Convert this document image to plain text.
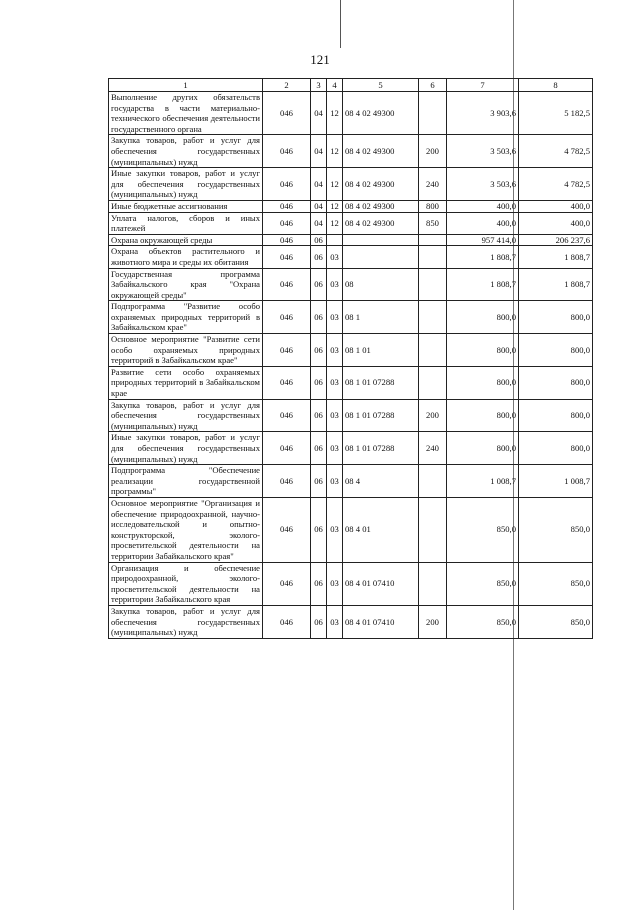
121
1	2	3	4	5	6	7	8
Выполнение других обязательств государства в части материально-технического обеспечения деятельности государственного органа	046	04	12	08 4 02 49300		3 903,6	5 182,5
Закупка товаров, работ и услуг для обеспечения государственных (муниципальных) нужд	046	04	12	08 4 02 49300	200	3 503,6	4 782,5
Иные закупки товаров, работ и услуг для обеспечения государственных (муниципальных) нужд	046	04	12	08 4 02 49300	240	3 503,6	4 782,5
Иные бюджетные ассигнования	046	04	12	08 4 02 49300	800	400,0	400,0
Уплата налогов, сборов и иных платежей	046	04	12	08 4 02 49300	850	400,0	400,0
Охрана окружающей среды	046	06				957 414,0	206 237,6
Охрана объектов растительного и животного мира и среды их обитания	046	06	03			1 808,7	1 808,7
Государственная программа Забайкальского края "Охрана окружающей среды"	046	06	03	08		1 808,7	1 808,7
Подпрограмма "Развитие особо охраняемых природных территорий в Забайкальском крае"	046	06	03	08 1		800,0	800,0
Основное мероприятие "Развитие сети особо охраняемых природных территорий в Забайкальском крае"	046	06	03	08 1 01		800,0	800,0
Развитие сети особо охраняемых природных территорий в Забайкальском крае	046	06	03	08 1 01 07288		800,0	800,0
Закупка товаров, работ и услуг для обеспечения государственных (муниципальных) нужд	046	06	03	08 1 01 07288	200	800,0	800,0
Иные закупки товаров, работ и услуг для обеспечения государственных (муниципальных) нужд	046	06	03	08 1 01 07288	240	800,0	800,0
Подпрограмма "Обеспечение реализации государственной программы"	046	06	03	08 4		1 008,7	1 008,7
Основное мероприятие "Организация и обеспечение природоохранной, научно-исследовательской и опытно-конструкторской, эколого-просветительской деятельности на территории Забайкальского края"	046	06	03	08 4 01		850,0	850,0
Организация и обеспечение природоохранной, эколого-просветительской деятельности на территории Забайкальского края	046	06	03	08 4 01 07410		850,0	850,0
Закупка товаров, работ и услуг для обеспечения государственных (муниципальных) нужд	046	06	03	08 4 01 07410	200	850,0	850,0
